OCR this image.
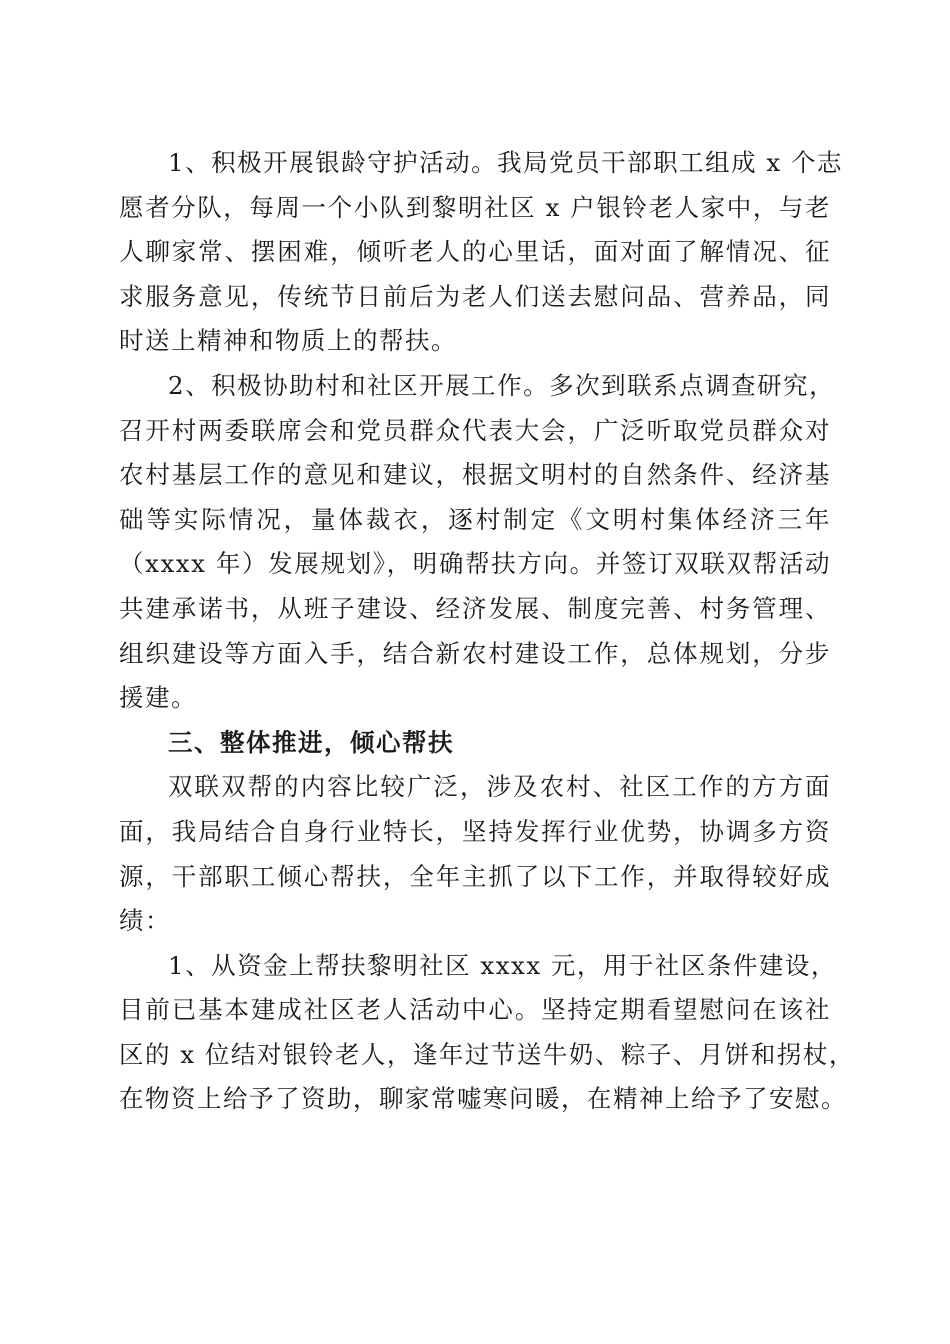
1、积极开展银龄守护活动。我局党员干部职工组成 x 个志
愿者分队，每周一个小队到黎明社区 x 户银铃老人家中，与老
人聊家常、摆困难，倾听老人的心里话，面对面了解情况、征
求服务意见，传统节日前后为老人们送去慰问品、营养品，同
时送上精神和物质上的帮扶。
2、积极协助村和社区开展工作。多次到联系点调查研究，
召开村两委联席会和党员群众代表大会，广泛听取党员群众对
农村基层工作的意见和建议，根据文明村的自然条件、经济基
础等实际情况，量体裁衣，逐村制定《文明村集体经济三年
（xxxx 年）发展规划》，明确帮扶方向。并签订双联双帮活动
共建承诺书，从班子建设、经济发展、制度完善、村务管理、
组织建设等方面入手，结合新农村建设工作，总体规划，分步
援建。
三、整体推进，倾心帮扶
双联双帮的内容比较广泛，涉及农村、社区工作的方方面
面，我局结合自身行业特长，坚持发挥行业优势，协调多方资
源，干部职工倾心帮扶，全年主抓了以下工作，并取得较好成
绩：
1、从资金上帮扶黎明社区 xxxx 元，用于社区条件建设，
目前已基本建成社区老人活动中心。坚持定期看望慰问在该社
区的 x 位结对银铃老人，逢年过节送牛奶、粽子、月饼和拐杖，
在物资上给予了资助，聊家常嘘寒问暖，在精神上给予了安慰。
